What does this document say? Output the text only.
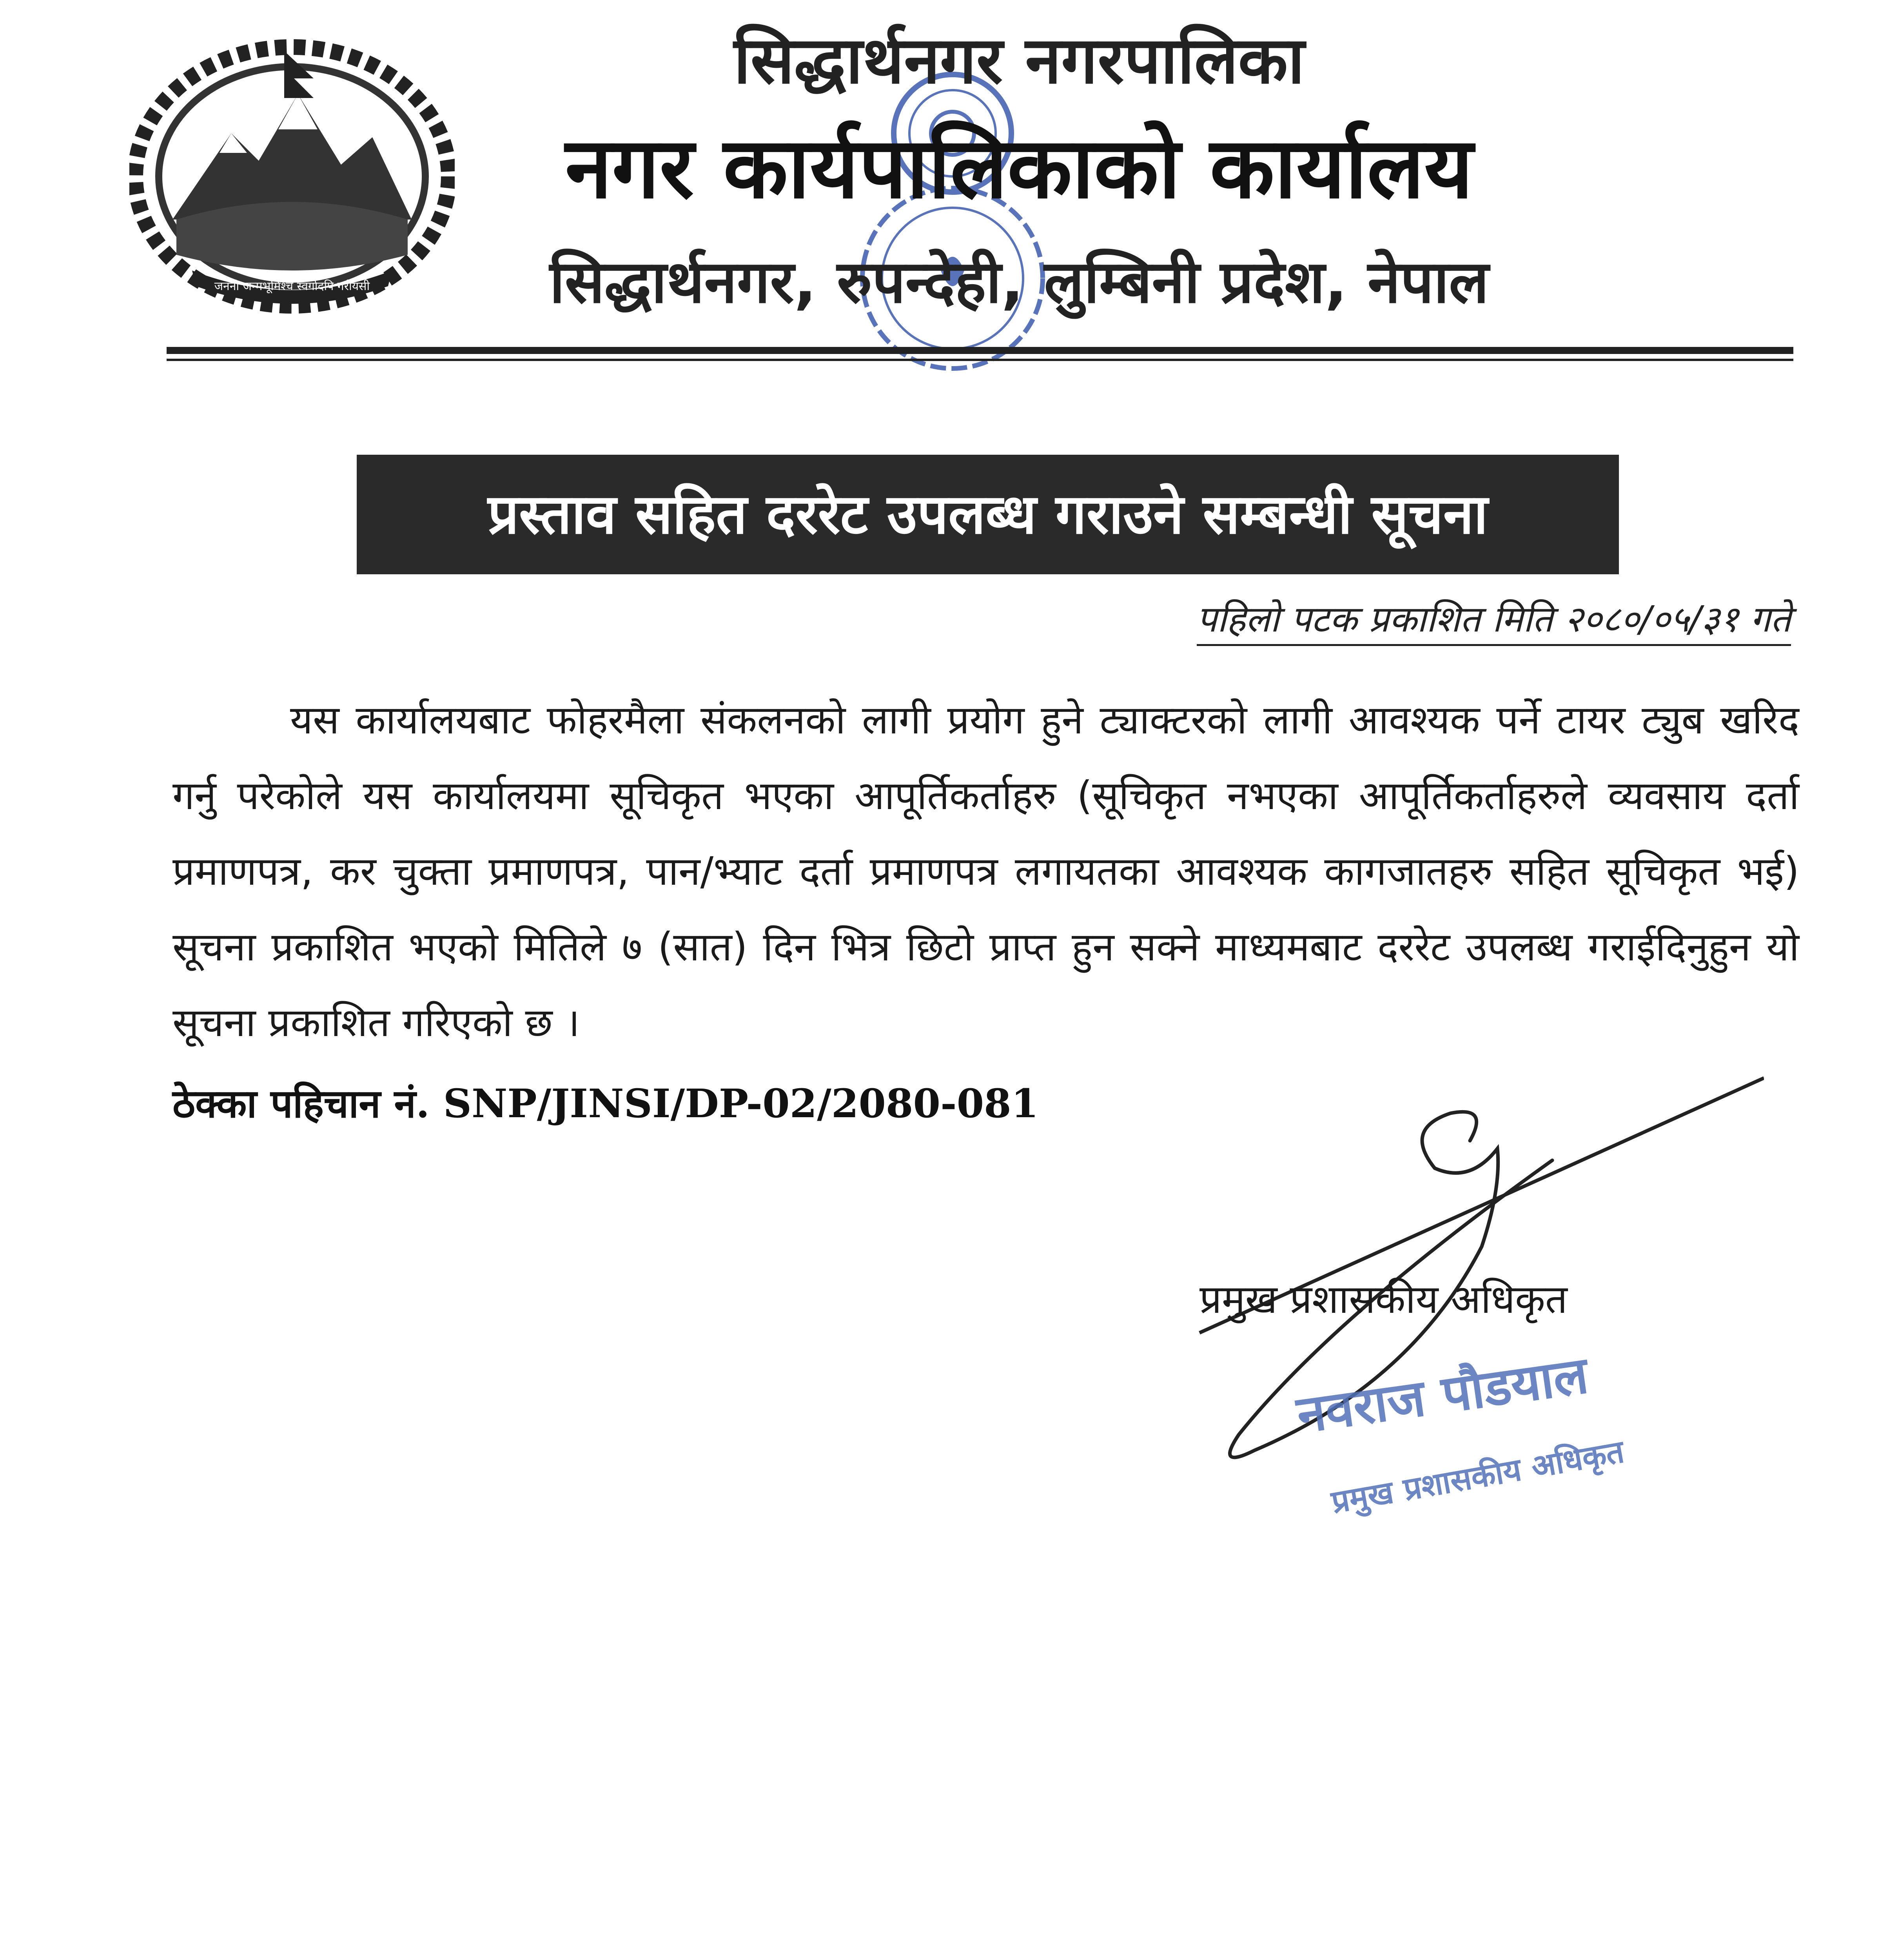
जननी जन्मभूमिश्च स्वर्गादपि गरीयसी
सिद्धार्थनगर नगरपालिका
नगर कार्यपालिकाको कार्यालय
सिद्धार्थनगर, रुपन्देही, लुम्बिनी प्रदेश, नेपाल
प्रस्ताव सहित दररेट उपलब्ध गराउने सम्बन्धी सूचना
पहिलो पटक प्रकाशित मिति २०८०/०५/३१ गते
यस कार्यालयबाट फोहरमैला संकलनको लागी प्रयोग हुने ट्याक्टरको लागी आवश्यक पर्ने टायर ट्युब खरिद गर्नु परेकोले यस कार्यालयमा सूचिकृत भएका आपूर्तिकर्ताहरु (सूचिकृत नभएका आपूर्तिकर्ताहरुले व्यवसाय दर्ता प्रमाणपत्र, कर चुक्ता प्रमाणपत्र, पान/भ्याट दर्ता प्रमाणपत्र लगायतका आवश्यक कागजातहरु सहित सूचिकृत भई) सूचना प्रकाशित भएको मितिले ७ (सात) दिन भित्र छिटो प्राप्त हुन सक्ने माध्यमबाट दररेट उपलब्ध गराईदिनुहुन यो सूचना प्रकाशित गरिएको छ ।
ठेक्का पहिचान नं. SNP/JINSI/DP-02/2080-081
प्रमुख प्रशासकीय अधिकृत
नवराज पौडयाल
प्रमुख प्रशासकीय अधिकृत
